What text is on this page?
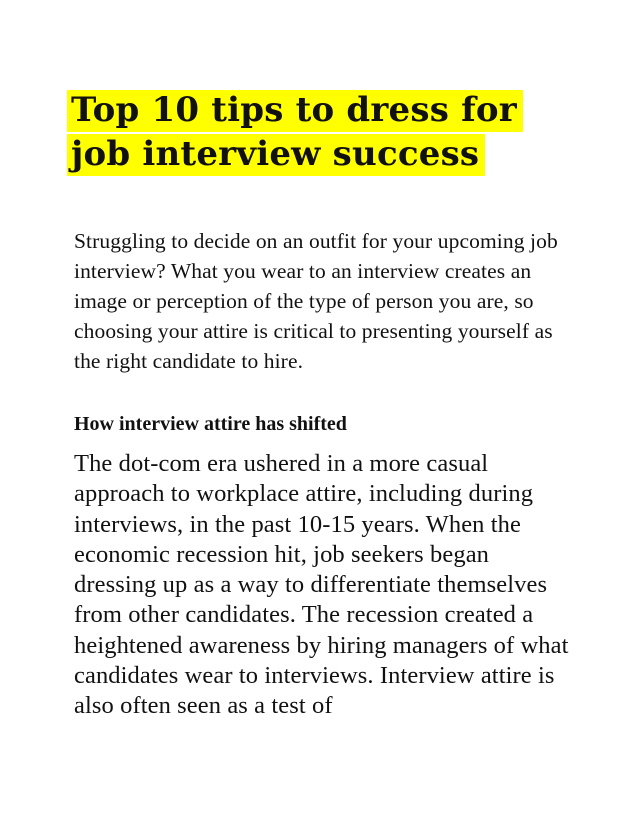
Top 10 tips to dress for job interview success

Struggling to decide on an outfit for your upcoming job interview? What you wear to an interview creates an image or perception of the type of person you are, so choosing your attire is critical to presenting yourself as the right candidate to hire.

How interview attire has shifted

The dot-com era ushered in a more casual approach to workplace attire, including during interviews, in the past 10-15 years. When the economic recession hit, job seekers began dressing up as a way to differentiate themselves from other candidates. The recession created a heightened awareness by hiring managers of what candidates wear to interviews. Interview attire is also often seen as a test of
